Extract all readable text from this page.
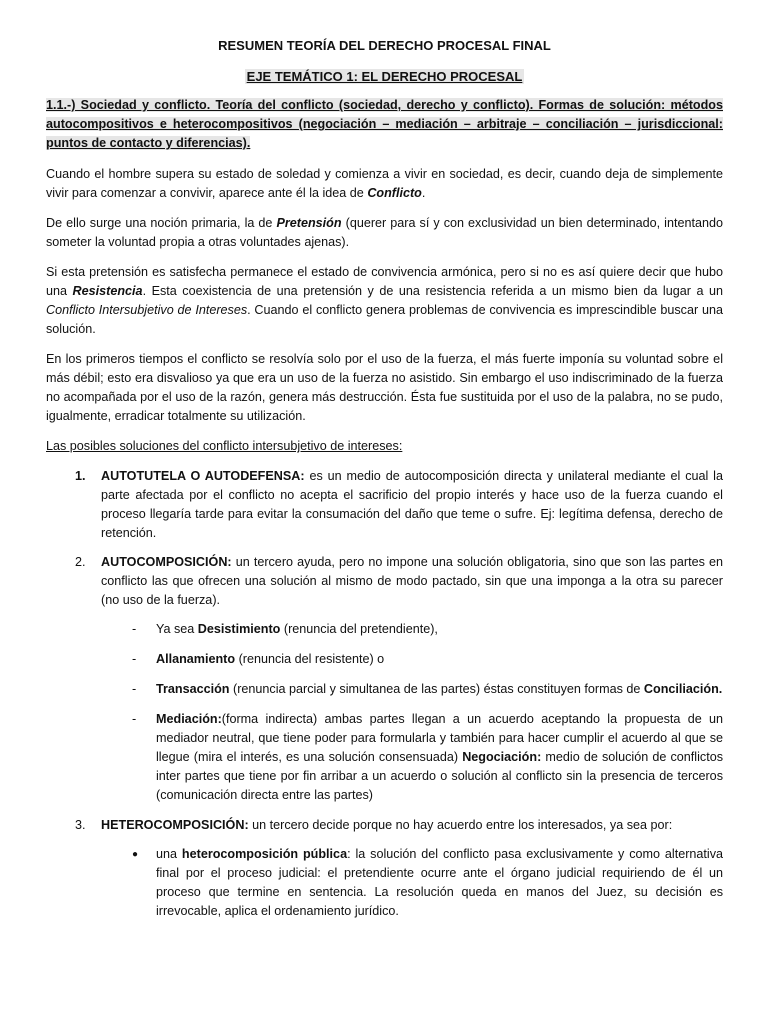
RESUMEN TEORÍA DEL DERECHO PROCESAL FINAL
EJE TEMÁTICO 1: EL DERECHO PROCESAL

1.1.-) Sociedad y conflicto. Teoría del conflicto (sociedad, derecho y conflicto). Formas de solución: métodos autocompositivos e heterocompositivos (negociación – mediación – arbitraje – conciliación – jurisdiccional: puntos de contacto y diferencias).

Cuando el hombre supera su estado de soledad y comienza a vivir en sociedad, es decir, cuando deja de simplemente vivir para comenzar a convivir, aparece ante él la idea de Conflicto.

De ello surge una noción primaria, la de Pretensión (querer para sí y con exclusividad un bien determinado, intentando someter la voluntad propia a otras voluntades ajenas).

Si esta pretensión es satisfecha permanece el estado de convivencia armónica, pero si no es así quiere decir que hubo una Resistencia. Esta coexistencia de una pretensión y de una resistencia referida a un mismo bien da lugar a un Conflicto Intersubjetivo de Intereses. Cuando el conflicto genera problemas de convivencia es imprescindible buscar una solución.

En los primeros tiempos el conflicto se resolvía solo por el uso de la fuerza, el más fuerte imponía su voluntad sobre el más débil; esto era disvalioso ya que era un uso de la fuerza no asistido. Sin embargo el uso indiscriminado de la fuerza no acompañada por el uso de la razón, genera más destrucción. Ésta fue sustituida por el uso de la palabra, no se pudo, igualmente, erradicar totalmente su utilización.

Las posibles soluciones del conflicto intersubjetivo de intereses:

1. AUTOTUTELA O AUTODEFENSA: es un medio de autocomposición directa y unilateral mediante el cual la parte afectada por el conflicto no acepta el sacrificio del propio interés y hace uso de la fuerza cuando el proceso llegaría tarde para evitar la consumación del daño que teme o sufre. Ej: legítima defensa, derecho de retención.
2. AUTOCOMPOSICIÓN: un tercero ayuda, pero no impone una solución obligatoria, sino que son las partes en conflicto las que ofrecen una solución al mismo de modo pactado, sin que una imponga a la otra su parecer (no uso de la fuerza).
- Ya sea Desistimiento (renuncia del pretendiente),
- Allanamiento (renuncia del resistente) o
- Transacción (renuncia parcial y simultanea de las partes) éstas constituyen formas de Conciliación.
- Mediación:(forma indirecta) ambas partes llegan a un acuerdo aceptando la propuesta de un mediador neutral, que tiene poder para formularla y también para hacer cumplir el acuerdo al que se llegue (mira el interés, es una solución consensuada) Negociación: medio de solución de conflictos inter partes que tiene por fin arribar a un acuerdo o solución al conflicto sin la presencia de terceros (comunicación directa entre las partes)
3. HETEROCOMPOSICIÓN: un tercero decide porque no hay acuerdo entre los interesados, ya sea por:
● una heterocomposición pública: la solución del conflicto pasa exclusivamente y como alternativa final por el proceso judicial: el pretendiente ocurre ante el órgano judicial requiriendo de él un proceso que termine en sentencia. La resolución queda en manos del Juez, su decisión es irrevocable, aplica el ordenamiento jurídico.
